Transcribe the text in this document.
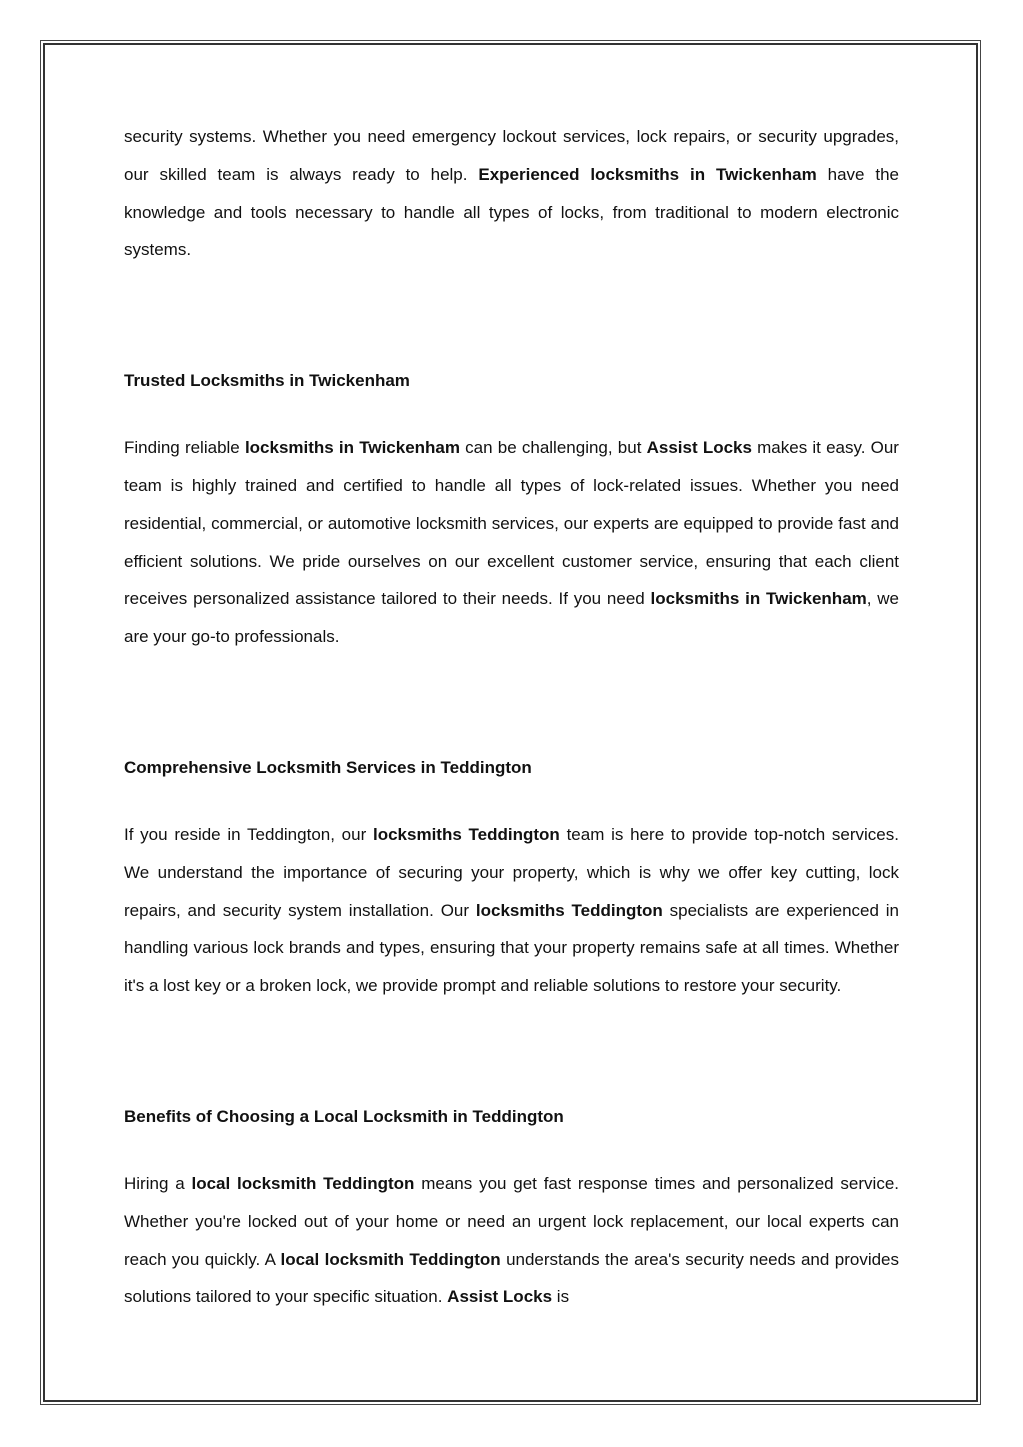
security systems. Whether you need emergency lockout services, lock repairs, or security upgrades, our skilled team is always ready to help. Experienced locksmiths in Twickenham have the knowledge and tools necessary to handle all types of locks, from traditional to modern electronic systems.

Trusted Locksmiths in Twickenham

Finding reliable locksmiths in Twickenham can be challenging, but Assist Locks makes it easy. Our team is highly trained and certified to handle all types of lock-related issues. Whether you need residential, commercial, or automotive locksmith services, our experts are equipped to provide fast and efficient solutions. We pride ourselves on our excellent customer service, ensuring that each client receives personalized assistance tailored to their needs. If you need locksmiths in Twickenham, we are your go-to professionals.

Comprehensive Locksmith Services in Teddington

If you reside in Teddington, our locksmiths Teddington team is here to provide top-notch services. We understand the importance of securing your property, which is why we offer key cutting, lock repairs, and security system installation. Our locksmiths Teddington specialists are experienced in handling various lock brands and types, ensuring that your property remains safe at all times. Whether it's a lost key or a broken lock, we provide prompt and reliable solutions to restore your security.

Benefits of Choosing a Local Locksmith in Teddington

Hiring a local locksmith Teddington means you get fast response times and personalized service. Whether you're locked out of your home or need an urgent lock replacement, our local experts can reach you quickly. A local locksmith Teddington understands the area's security needs and provides solutions tailored to your specific situation. Assist Locks is
